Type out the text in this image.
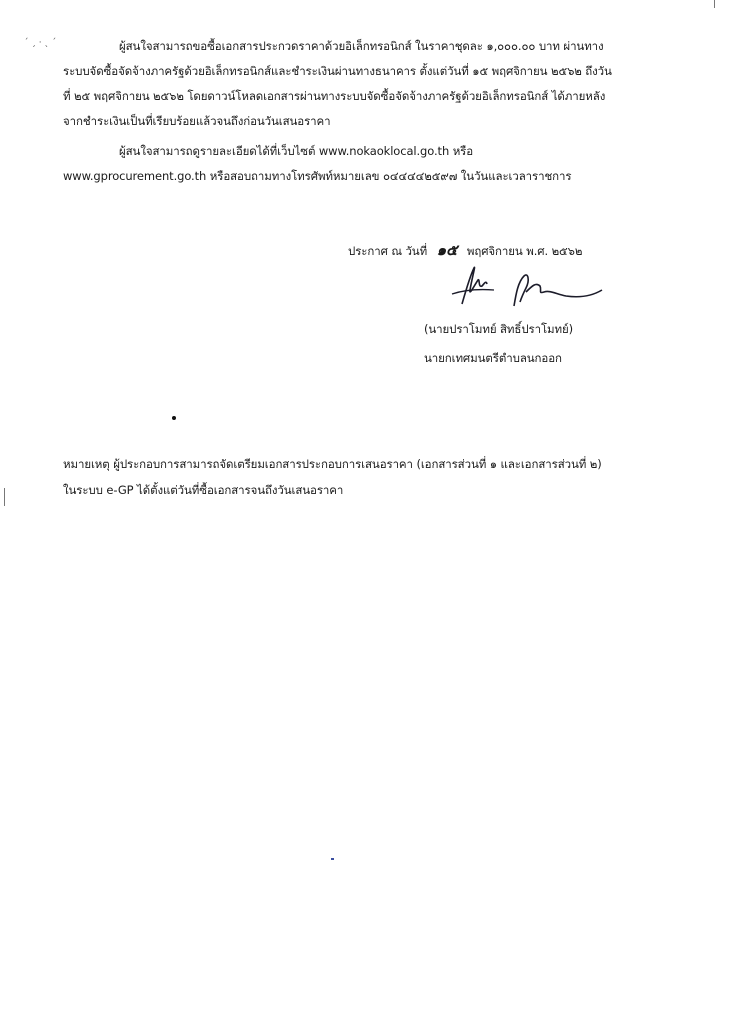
ˊ ˏ · ˎ ˊ	ผู้สนใจสามารถขอซื้อเอกสารประกวดราคาด้วยอิเล็กทรอนิกส์ ในราคาชุดละ ๑,๐๐๐.๐๐ บาท ผ่านทาง
ระบบจัดซื้อจัดจ้างภาครัฐด้วยอิเล็กทรอนิกส์และชำระเงินผ่านทางธนาคาร ตั้งแต่วันที่ ๑๕ พฤศจิกายน ๒๕๖๒ ถึงวัน
ที่ ๒๕ พฤศจิกายน ๒๕๖๒ โดยดาวน์โหลดเอกสารผ่านทางระบบจัดซื้อจัดจ้างภาครัฐด้วยอิเล็กทรอนิกส์ ได้ภายหลัง
จากชำระเงินเป็นที่เรียบร้อยแล้วจนถึงก่อนวันเสนอราคา
ผู้สนใจสามารถดูรายละเอียดได้ที่เว็บไซต์ www.nokaoklocal.go.th หรือ
www.gprocurement.go.th หรือสอบถามทางโทรศัพท์หมายเลข ๐๔๔๔๔๒๕๙๗ ในวันและเวลาราชการ
ประกาศ ณ วันที่ ๑๕ พฤศจิกายน พ.ศ. ๒๕๖๒
(นายปราโมทย์ สิทธิ์ปราโมทย์)
นายกเทศมนตรีตำบลนกออก
หมายเหตุ ผู้ประกอบการสามารถจัดเตรียมเอกสารประกอบการเสนอราคา (เอกสารส่วนที่ ๑ และเอกสารส่วนที่ ๒)
ในระบบ e-GP ได้ตั้งแต่วันที่ซื้อเอกสารจนถึงวันเสนอราคา
